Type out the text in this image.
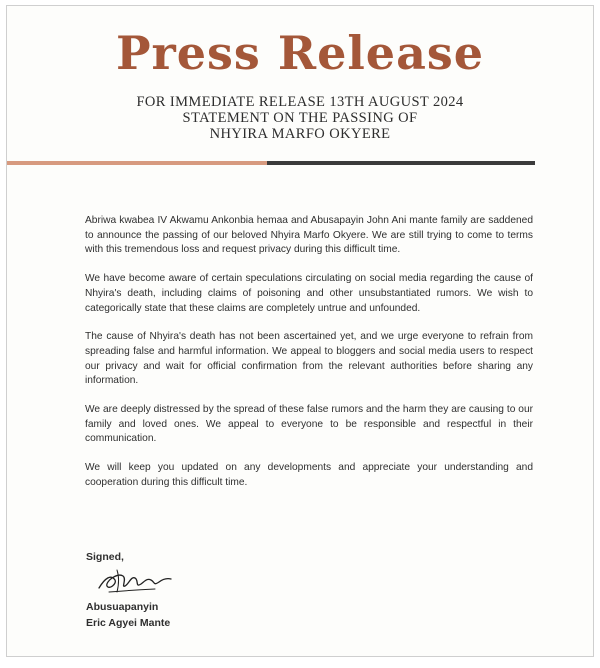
Press Release
FOR IMMEDIATE RELEASE 13TH AUGUST 2024
STATEMENT ON THE PASSING OF
NHYIRA MARFO OKYERE

Abriwa kwabea IV Akwamu Ankonbia hemaa and Abusapayin John Ani mante family are saddened to announce the passing of our beloved Nhyira Marfo Okyere. We are still trying to come to terms with this tremendous loss and request privacy during this difficult time.

We have become aware of certain speculations circulating on social media regarding the cause of Nhyira's death, including claims of poisoning and other unsubstantiated rumors. We wish to categorically state that these claims are completely untrue and unfounded.

The cause of Nhyira's death has not been ascertained yet, and we urge everyone to refrain from spreading false and harmful information. We appeal to bloggers and social media users to respect our privacy and wait for official confirmation from the relevant authorities before sharing any information.

We are deeply distressed by the spread of these false rumors and the harm they are causing to our family and loved ones. We appeal to everyone to be responsible and respectful in their communication.

We will keep you updated on any developments and appreciate your understanding and cooperation during this difficult time.

Signed,
Abusuapanyin
Eric Agyei Mante
